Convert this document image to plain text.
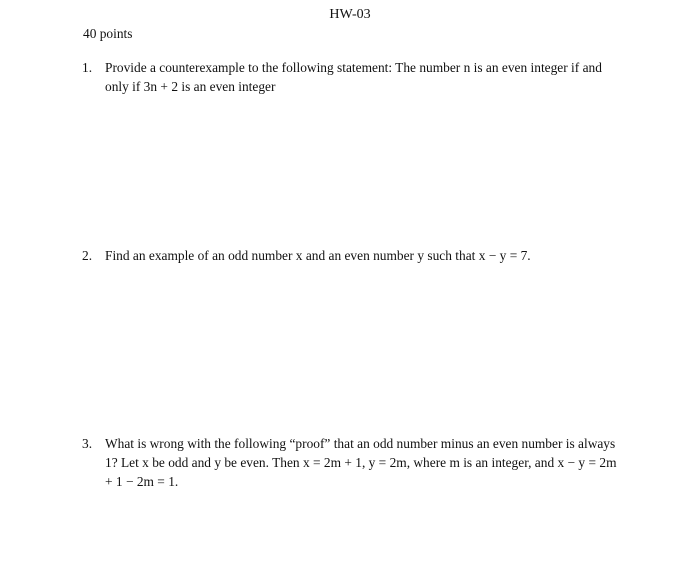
HW-03
40 points
1. Provide a counterexample to the following statement: The number n is an even integer if and only if 3n + 2 is an even integer
2. Find an example of an odd number x and an even number y such that x − y = 7.
3. What is wrong with the following “proof” that an odd number minus an even number is always 1? Let x be odd and y be even. Then x = 2m + 1, y = 2m, where m is an integer, and x − y = 2m + 1 − 2m = 1.
